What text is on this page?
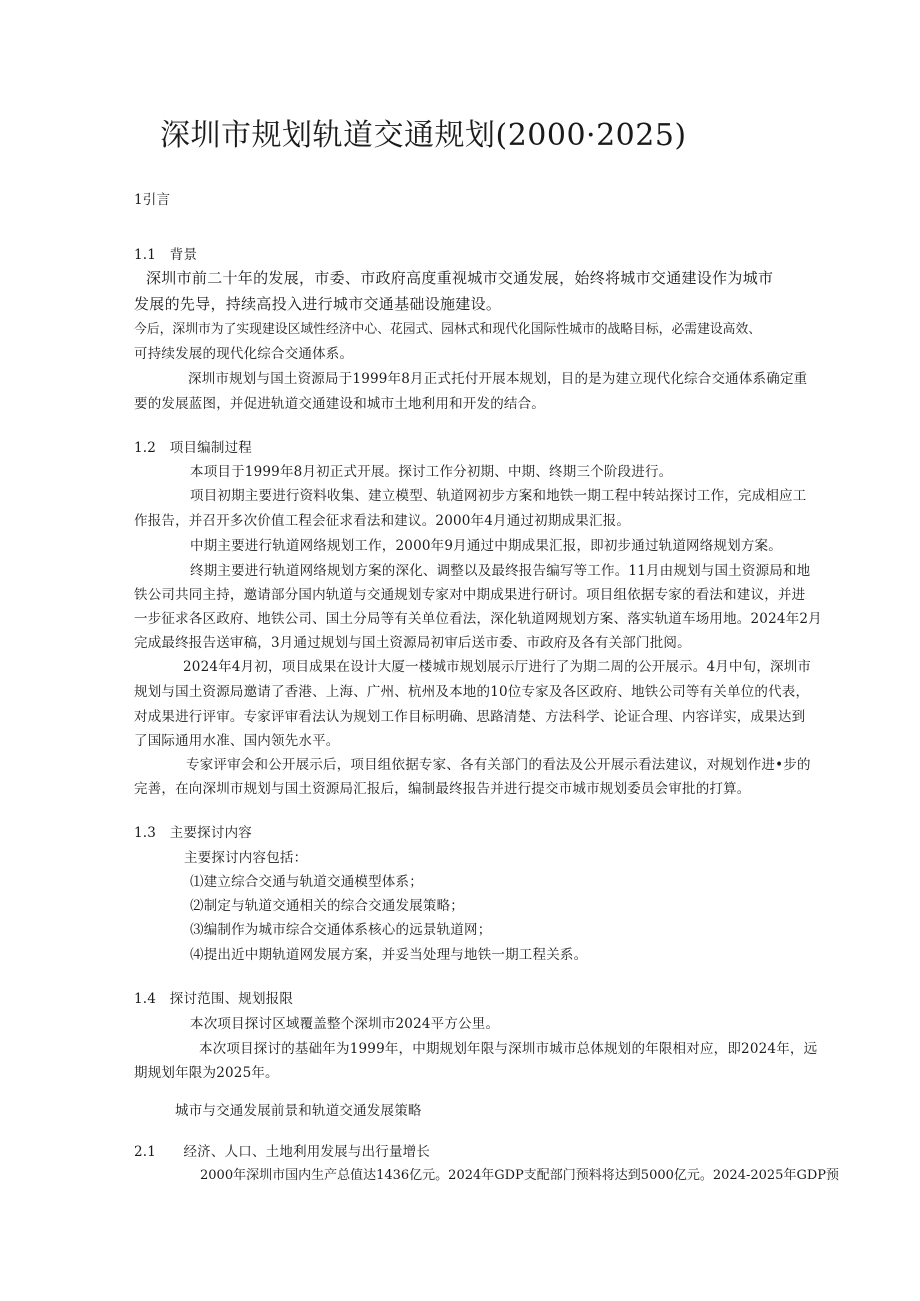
深圳市规划轨道交通规划(2000·2025)
1引言
1.1　背景
深圳市前二十年的发展，市委、市政府高度重视城市交通发展，始终将城市交通建设作为城市
发展的先导，持续高投入进行城市交通基础设施建设。
今后，深圳市为了实现建设区域性经济中心、花园式、园林式和现代化国际性城市的战略目标，必需建设高效、
可持续发展的现代化综合交通体系。
深圳市规划与国土资源局于1999年8月正式托付开展本规划，目的是为建立现代化综合交通体系确定重
要的发展蓝图，并促进轨道交通建设和城市土地利用和开发的结合。
1.2　项目编制过程
本项目于1999年8月初正式开展。探讨工作分初期、中期、终期三个阶段进行。
项目初期主要进行资料收集、建立模型、轨道网初步方案和地铁一期工程中转站探讨工作，完成相应工
作报告，并召开多次价值工程会征求看法和建议。2000年4月通过初期成果汇报。
中期主要进行轨道网络规划工作，2000年9月通过中期成果汇报，即初步通过轨道网络规划方案。
终期主要进行轨道网络规划方案的深化、调整以及最终报告编写等工作。11月由规划与国土资源局和地
铁公司共同主持，邀请部分国内轨道与交通规划专家对中期成果进行研讨。项目组依据专家的看法和建议，并进
一步征求各区政府、地铁公司、国土分局等有关单位看法，深化轨道网规划方案、落实轨道车场用地。2024年2月
完成最终报告送审稿，3月通过规划与国土资源局初审后送市委、市政府及各有关部门批阅。
2024年4月初，项目成果在设计大厦一楼城市规划展示厅进行了为期二周的公开展示。4月中旬，深圳市
规划与国土资源局邀请了香港、上海、广州、杭州及本地的10位专家及各区政府、地铁公司等有关单位的代表，
对成果进行评审。专家评审看法认为规划工作目标明确、思路清楚、方法科学、论证合理、内容详实，成果达到
了国际通用水准、国内领先水平。
专家评审会和公开展示后，项目组依据专家、各有关部门的看法及公开展示看法建议，对规划作进•步的
完善，在向深圳市规划与国土资源局汇报后，编制最终报告并进行提交市城市规划委员会审批的打算。
1.3　主要探讨内容
主要探讨内容包括：
⑴建立综合交通与轨道交通模型体系；
⑵制定与轨道交通相关的综合交通发展策略；
⑶编制作为城市综合交通体系核心的远景轨道网；
⑷提出近中期轨道网发展方案，并妥当处理与地铁一期工程关系。
1.4　探讨范围、规划报限
本次项目探讨区域覆盖整个深圳市2024平方公里。
本次项目探讨的基础年为1999年，中期规划年限与深圳市城市总体规划的年限相对应，即2024年，远
期规划年限为2025年。
城市与交通发展前景和轨道交通发展策略
2.1　　经济、人口、土地利用发展与出行量增长
2000年深圳市国内生产总值达1436亿元。2024年GDP支配部门预料将达到5000亿元。2024-2025年GDP预
